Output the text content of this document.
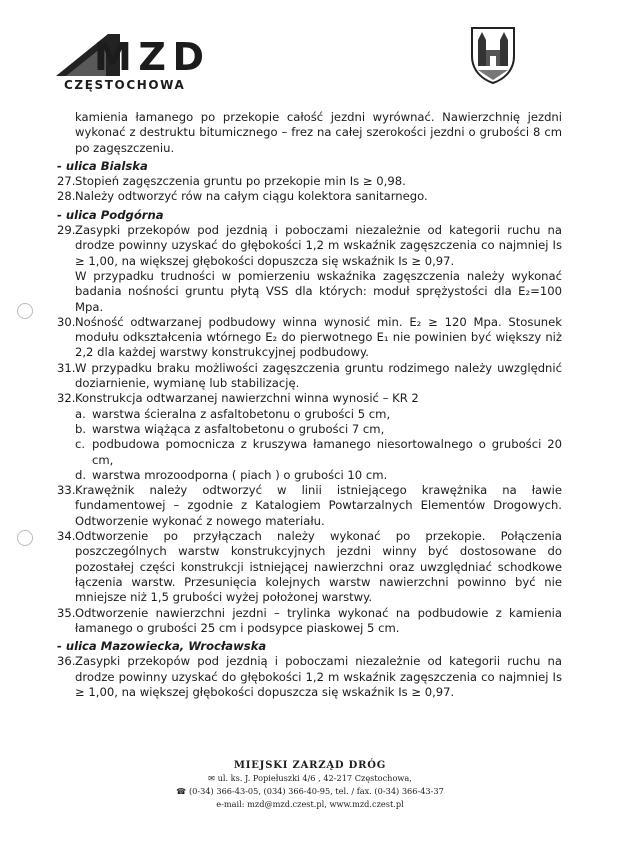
MZD
CZĘSTOCHOWA
kamienia łamanego po przekopie całość jezdni wyrównać. Nawierzchnię jezdni wykonać z destruktu bitumicznego – frez na całej szerokości jezdni o grubości 8 cm po zagęszczeniu.
- ulica Bialska
27. Stopień zagęszczenia gruntu po przekopie min Is ≥ 0,98.
28. Należy odtworzyć rów na całym ciągu kolektora sanitarnego.
- ulica Podgórna
29. Zasypki przekopów pod jezdnią i poboczami niezależnie od kategorii ruchu na drodze powinny uzyskać do głębokości 1,2 m wskaźnik zagęszczenia co najmniej Is ≥ 1,00, na większej głębokości dopuszcza się wskaźnik Is ≥ 0,97.
W przypadku trudności w pomierzeniu wskaźnika zagęszczenia należy wykonać badania nośności gruntu płytą VSS dla których: moduł sprężystości dla E₂=100 Mpa.
30. Nośność odtwarzanej podbudowy winna wynosić min. E₂ ≥ 120 Mpa. Stosunek modułu odkształcenia wtórnego E₂ do pierwotnego E₁ nie powinien być większy niż 2,2 dla każdej warstwy konstrukcyjnej podbudowy.
31. W przypadku braku możliwości zagęszczenia gruntu rodzimego należy uwzględnić doziarnienie, wymianę lub stabilizację.
32. Konstrukcja odtwarzanej nawierzchni winna wynosić – KR 2
a. warstwa ścieralna z asfaltobetonu o grubości 5 cm,
b. warstwa wiążąca z asfaltobetonu o grubości 7 cm,
c. podbudowa pomocnicza z kruszywa łamanego niesortowalnego o grubości 20 cm,
d. warstwa mrozoodporna ( piach ) o grubości 10 cm.
33. Krawężnik należy odtworzyć w linii istniejącego krawężnika na ławie fundamentowej – zgodnie z Katalogiem Powtarzalnych Elementów Drogowych. Odtworzenie wykonać z nowego materiału.
34. Odtworzenie po przyłączach należy wykonać po przekopie. Połączenia poszczególnych warstw konstrukcyjnych jezdni winny być dostosowane do pozostałej części konstrukcji istniejącej nawierzchni oraz uwzględniać schodkowe łączenia warstw. Przesunięcia kolejnych warstw nawierzchni powinno być nie mniejsze niż 1,5 grubości wyżej położonej warstwy.
35. Odtworzenie nawierzchni jezdni – trylinka wykonać na podbudowie z kamienia łamanego o grubości 25 cm i podsypce piaskowej 5 cm.
- ulica Mazowiecka, Wrocławska
36. Zasypki przekopów pod jezdnią i poboczami niezależnie od kategorii ruchu na drodze powinny uzyskać do głębokości 1,2 m wskaźnik zagęszczenia co najmniej Is ≥ 1,00, na większej głębokości dopuszcza się wskaźnik Is ≥ 0,97.
MIEJSKI ZARZĄD DRÓG
✉ ul. ks. J. Popiełuszki 4/6 , 42-217 Częstochowa,
☎ (0-34) 366-43-05, (034) 366-40-95, tel. / fax. (0-34) 366-43-37
e-mail: mzd@mzd.czest.pl, www.mzd.czest.pl
